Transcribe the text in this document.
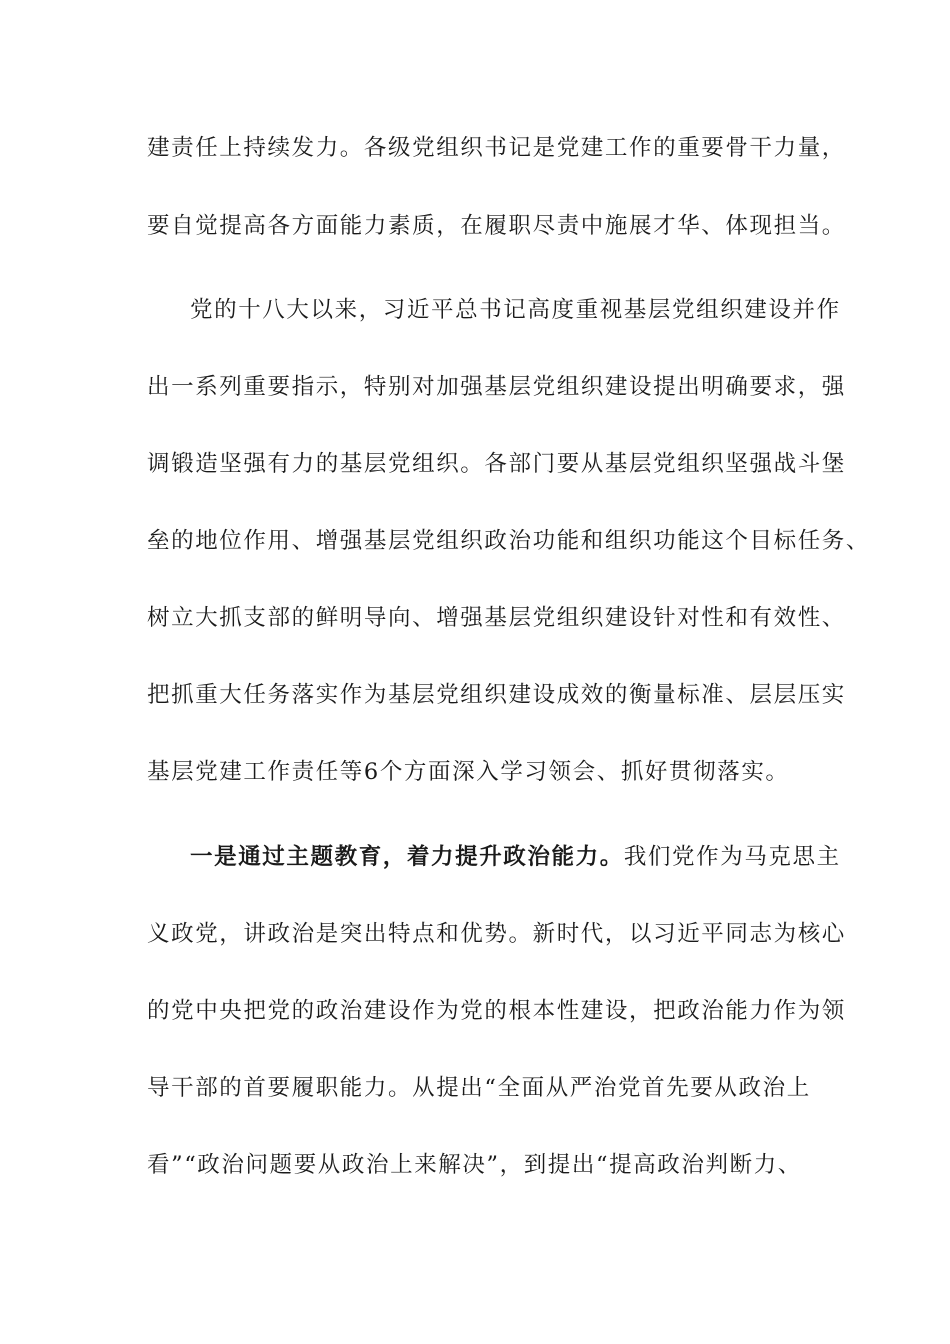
建责任上持续发力。各级党组织书记是党建工作的重要骨干力量，
要自觉提高各方面能力素质，在履职尽责中施展才华、体现担当。
党的十八大以来，习近平总书记高度重视基层党组织建设并作
出一系列重要指示，特别对加强基层党组织建设提出明确要求，强
调锻造坚强有力的基层党组织。各部门要从基层党组织坚强战斗堡
垒的地位作用、增强基层党组织政治功能和组织功能这个目标任务、
树立大抓支部的鲜明导向、增强基层党组织建设针对性和有效性、
把抓重大任务落实作为基层党组织建设成效的衡量标准、层层压实
基层党建工作责任等6个方面深入学习领会、抓好贯彻落实。
一是通过主题教育，着力提升政治能力。我们党作为马克思主
义政党，讲政治是突出特点和优势。新时代，以习近平同志为核心
的党中央把党的政治建设作为党的根本性建设，把政治能力作为领
导干部的首要履职能力。从提出“全面从严治党首先要从政治上
看”“政治问题要从政治上来解决”，到提出“提高政治判断力、
